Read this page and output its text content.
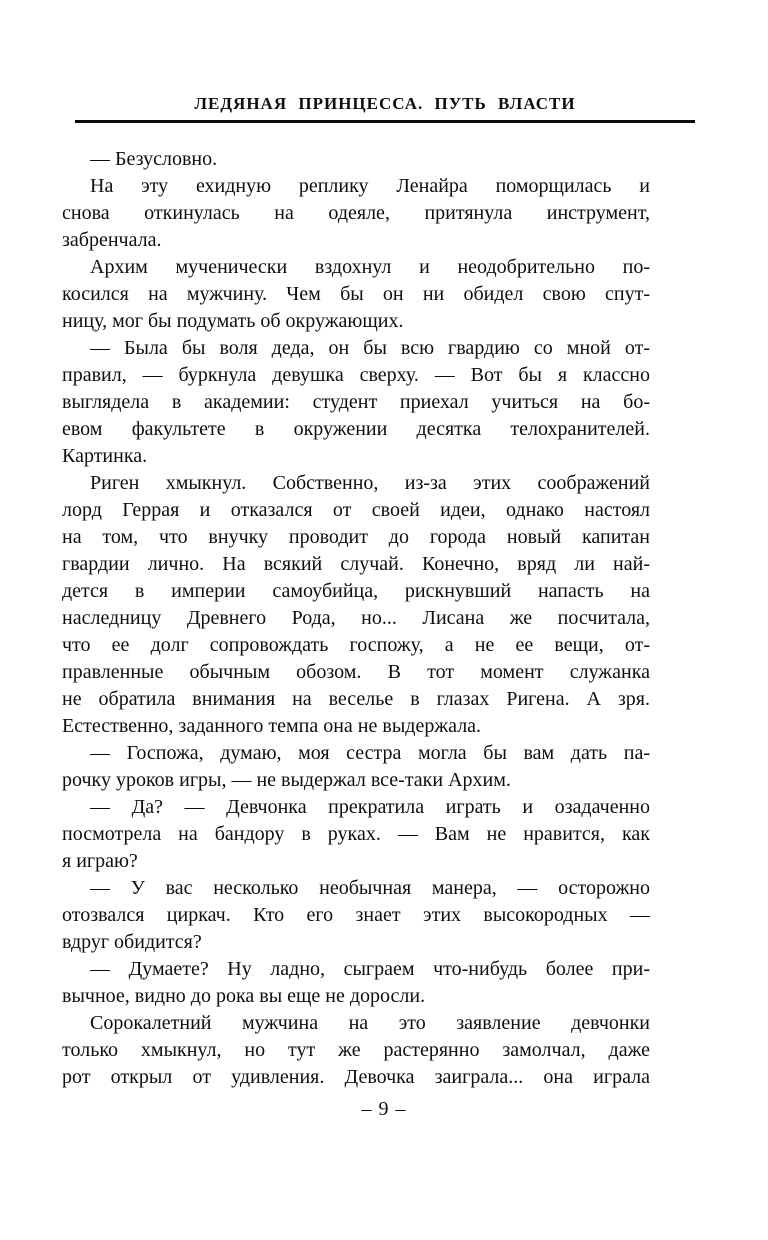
ЛЕДЯНАЯ ПРИНЦЕССА. ПУТЬ ВЛАСТИ
— Безусловно.
На эту ехидную реплику Ленайра поморщилась и
снова откинулась на одеяле, притянула инструмент,
забренчала.
Архим мученически вздохнул и неодобрительно по-
косился на мужчину. Чем бы он ни обидел свою спут-
ницу, мог бы подумать об окружающих.
— Была бы воля деда, он бы всю гвардию со мной от-
правил, — буркнула девушка сверху. — Вот бы я классно
выглядела в академии: студент приехал учиться на бо-
евом факультете в окружении десятка телохранителей.
Картинка.
Риген хмыкнул. Собственно, из-за этих соображений
лорд Геррая и отказался от своей идеи, однако настоял
на том, что внучку проводит до города новый капитан
гвардии лично. На всякий случай. Конечно, вряд ли най-
дется в империи самоубийца, рискнувший напасть на
наследницу Древнего Рода, но... Лисана же посчитала,
что ее долг сопровождать госпожу, а не ее вещи, от-
правленные обычным обозом. В тот момент служанка
не обратила внимания на веселье в глазах Ригена. А зря.
Естественно, заданного темпа она не выдержала.
— Госпожа, думаю, моя сестра могла бы вам дать па-
рочку уроков игры, — не выдержал все-таки Архим.
— Да? — Девчонка прекратила играть и озадаченно
посмотрела на бандору в руках. — Вам не нравится, как
я играю?
— У вас несколько необычная манера, — осторожно
отозвался циркач. Кто его знает этих высокородных —
вдруг обидится?
— Думаете? Ну ладно, сыграем что-нибудь более при-
вычное, видно до рока вы еще не доросли.
Сорокалетний мужчина на это заявление девчонки
только хмыкнул, но тут же растерянно замолчал, даже
рот открыл от удивления. Девочка заиграла... она играла
– 9 –
